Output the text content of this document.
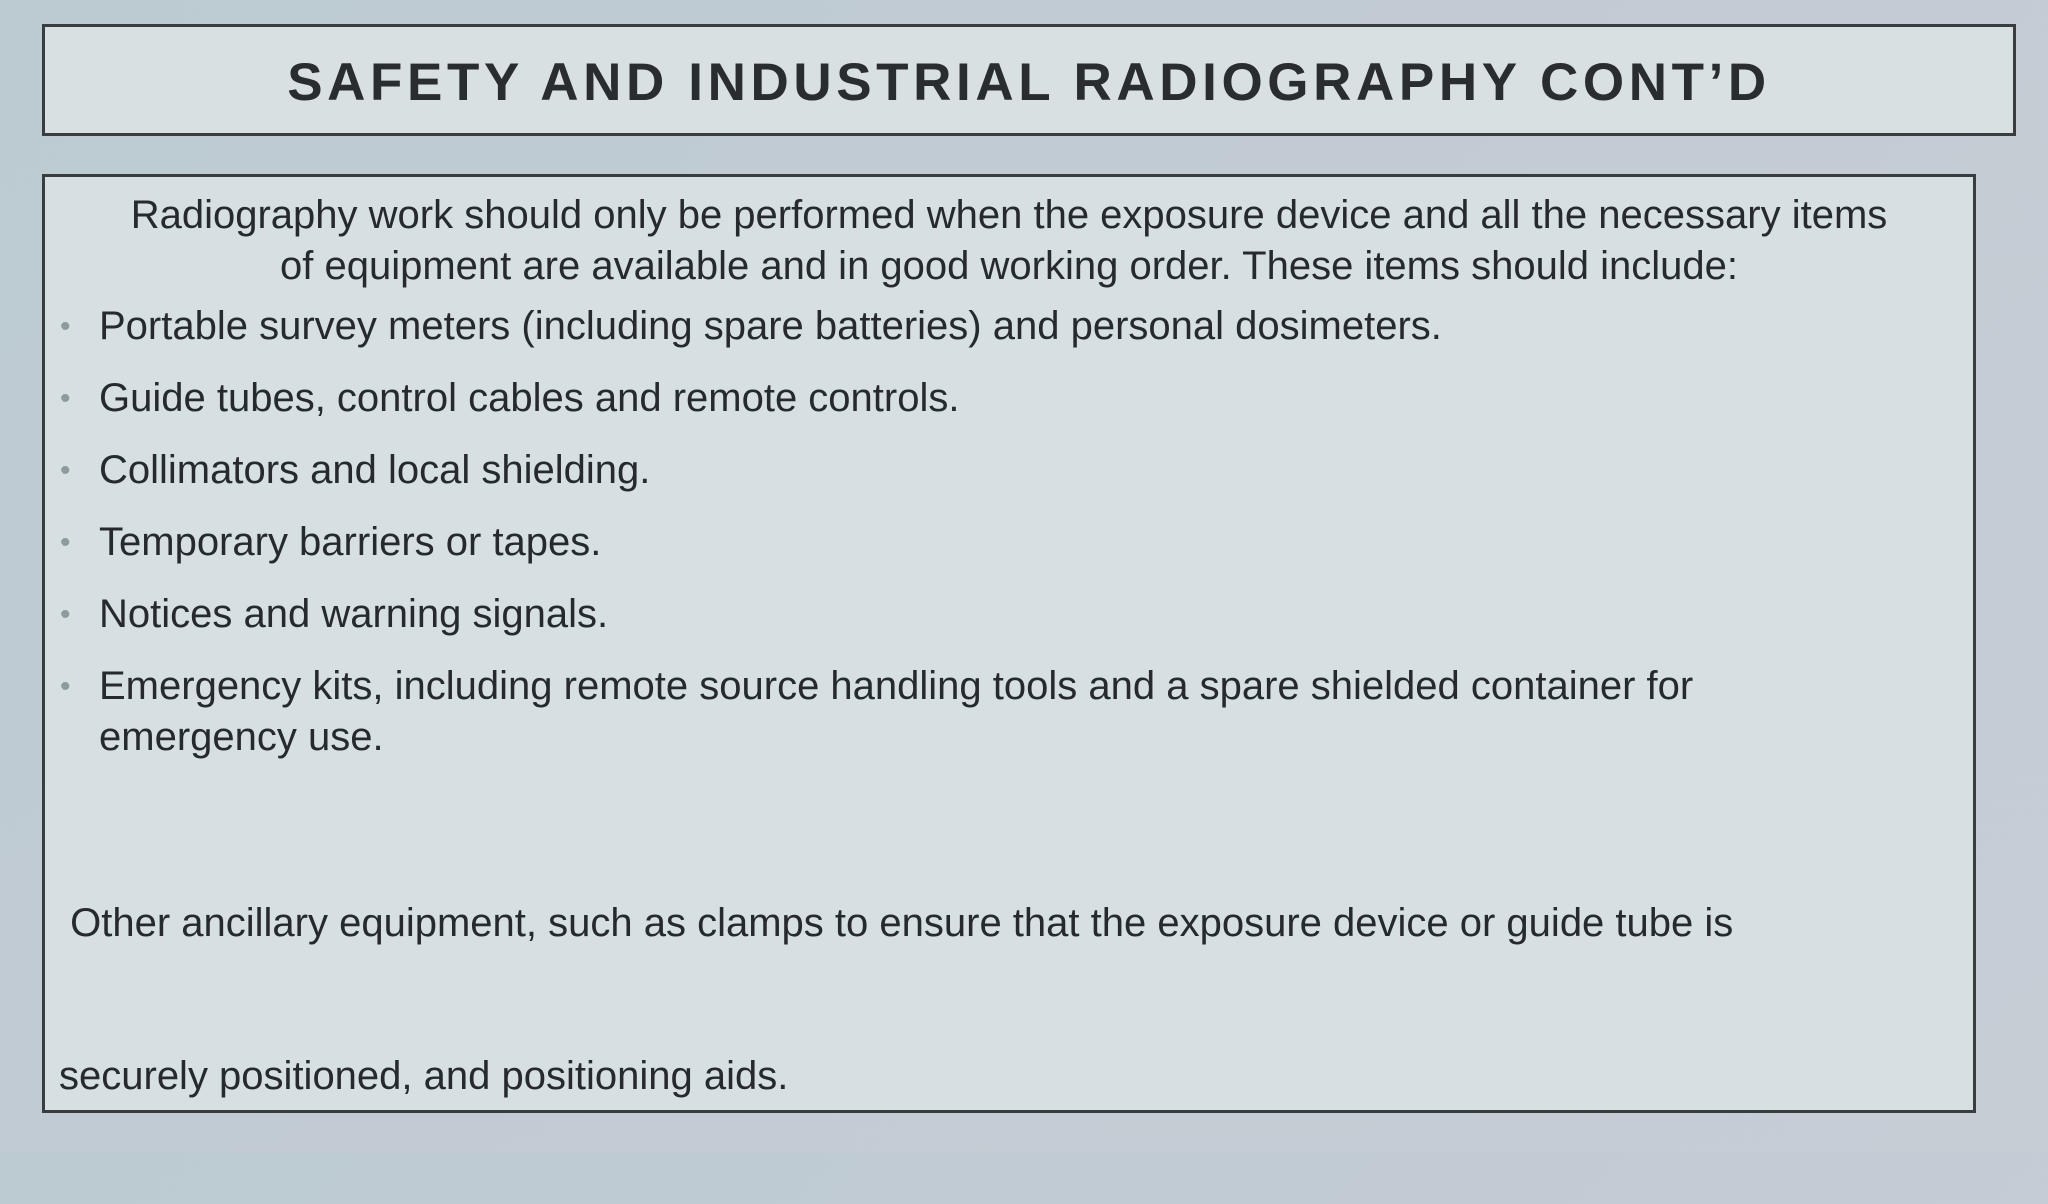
SAFETY AND INDUSTRIAL RADIOGRAPHY CONT’D
Radiography work should only be performed when the exposure device and all the necessary items
of equipment are available and in good working order. These items should include:
• Portable survey meters (including spare batteries) and personal dosimeters.
• Guide tubes, control cables and remote controls.
• Collimators and local shielding.
• Temporary barriers or tapes.
• Notices and warning signals.
• Emergency kits, including remote source handling tools and a spare shielded container for
emergency use.

Other ancillary equipment, such as clamps to ensure that the exposure device or guide tube is

securely positioned, and positioning aids.
